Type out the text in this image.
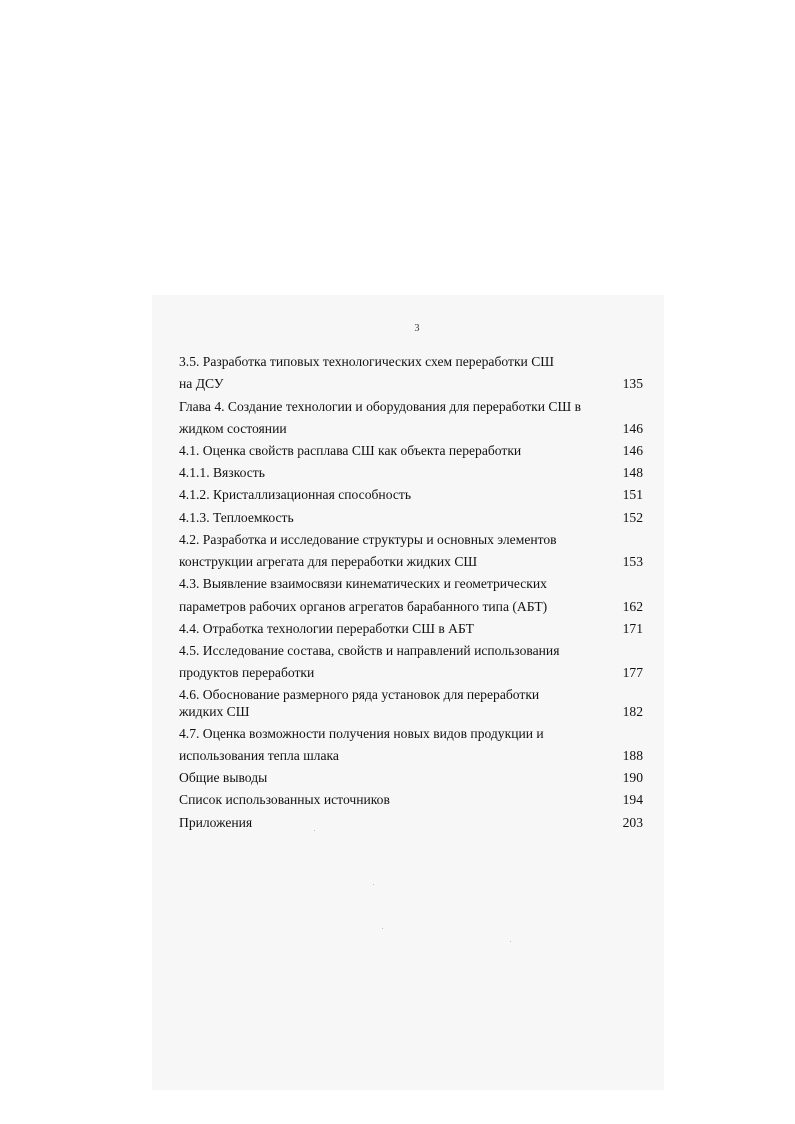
3
3.5. Разработка типовых технологических схем переработки СШ
на ДСУ	135
Глава 4. Создание технологии и оборудования для переработки СШ в
жидком состоянии	146
4.1. Оценка свойств расплава СШ как объекта переработки	146
4.1.1. Вязкость	148
4.1.2. Кристаллизационная способность	151
4.1.3. Теплоемкость	152
4.2. Разработка и исследование структуры и основных элементов
конструкции агрегата для переработки жидких СШ	153
4.3. Выявление взаимосвязи кинематических и геометрических
параметров рабочих органов агрегатов барабанного типа (АБТ)	162
4.4. Отработка технологии переработки СШ в АБТ	171
4.5. Исследование состава, свойств и направлений использования
продуктов переработки	177
4.6. Обоснование размерного ряда установок для переработки
жидких СШ	182
4.7. Оценка возможности получения новых видов продукции и
использования тепла шлака	188
Общие выводы	190
Список использованных источников	194
Приложения	203
